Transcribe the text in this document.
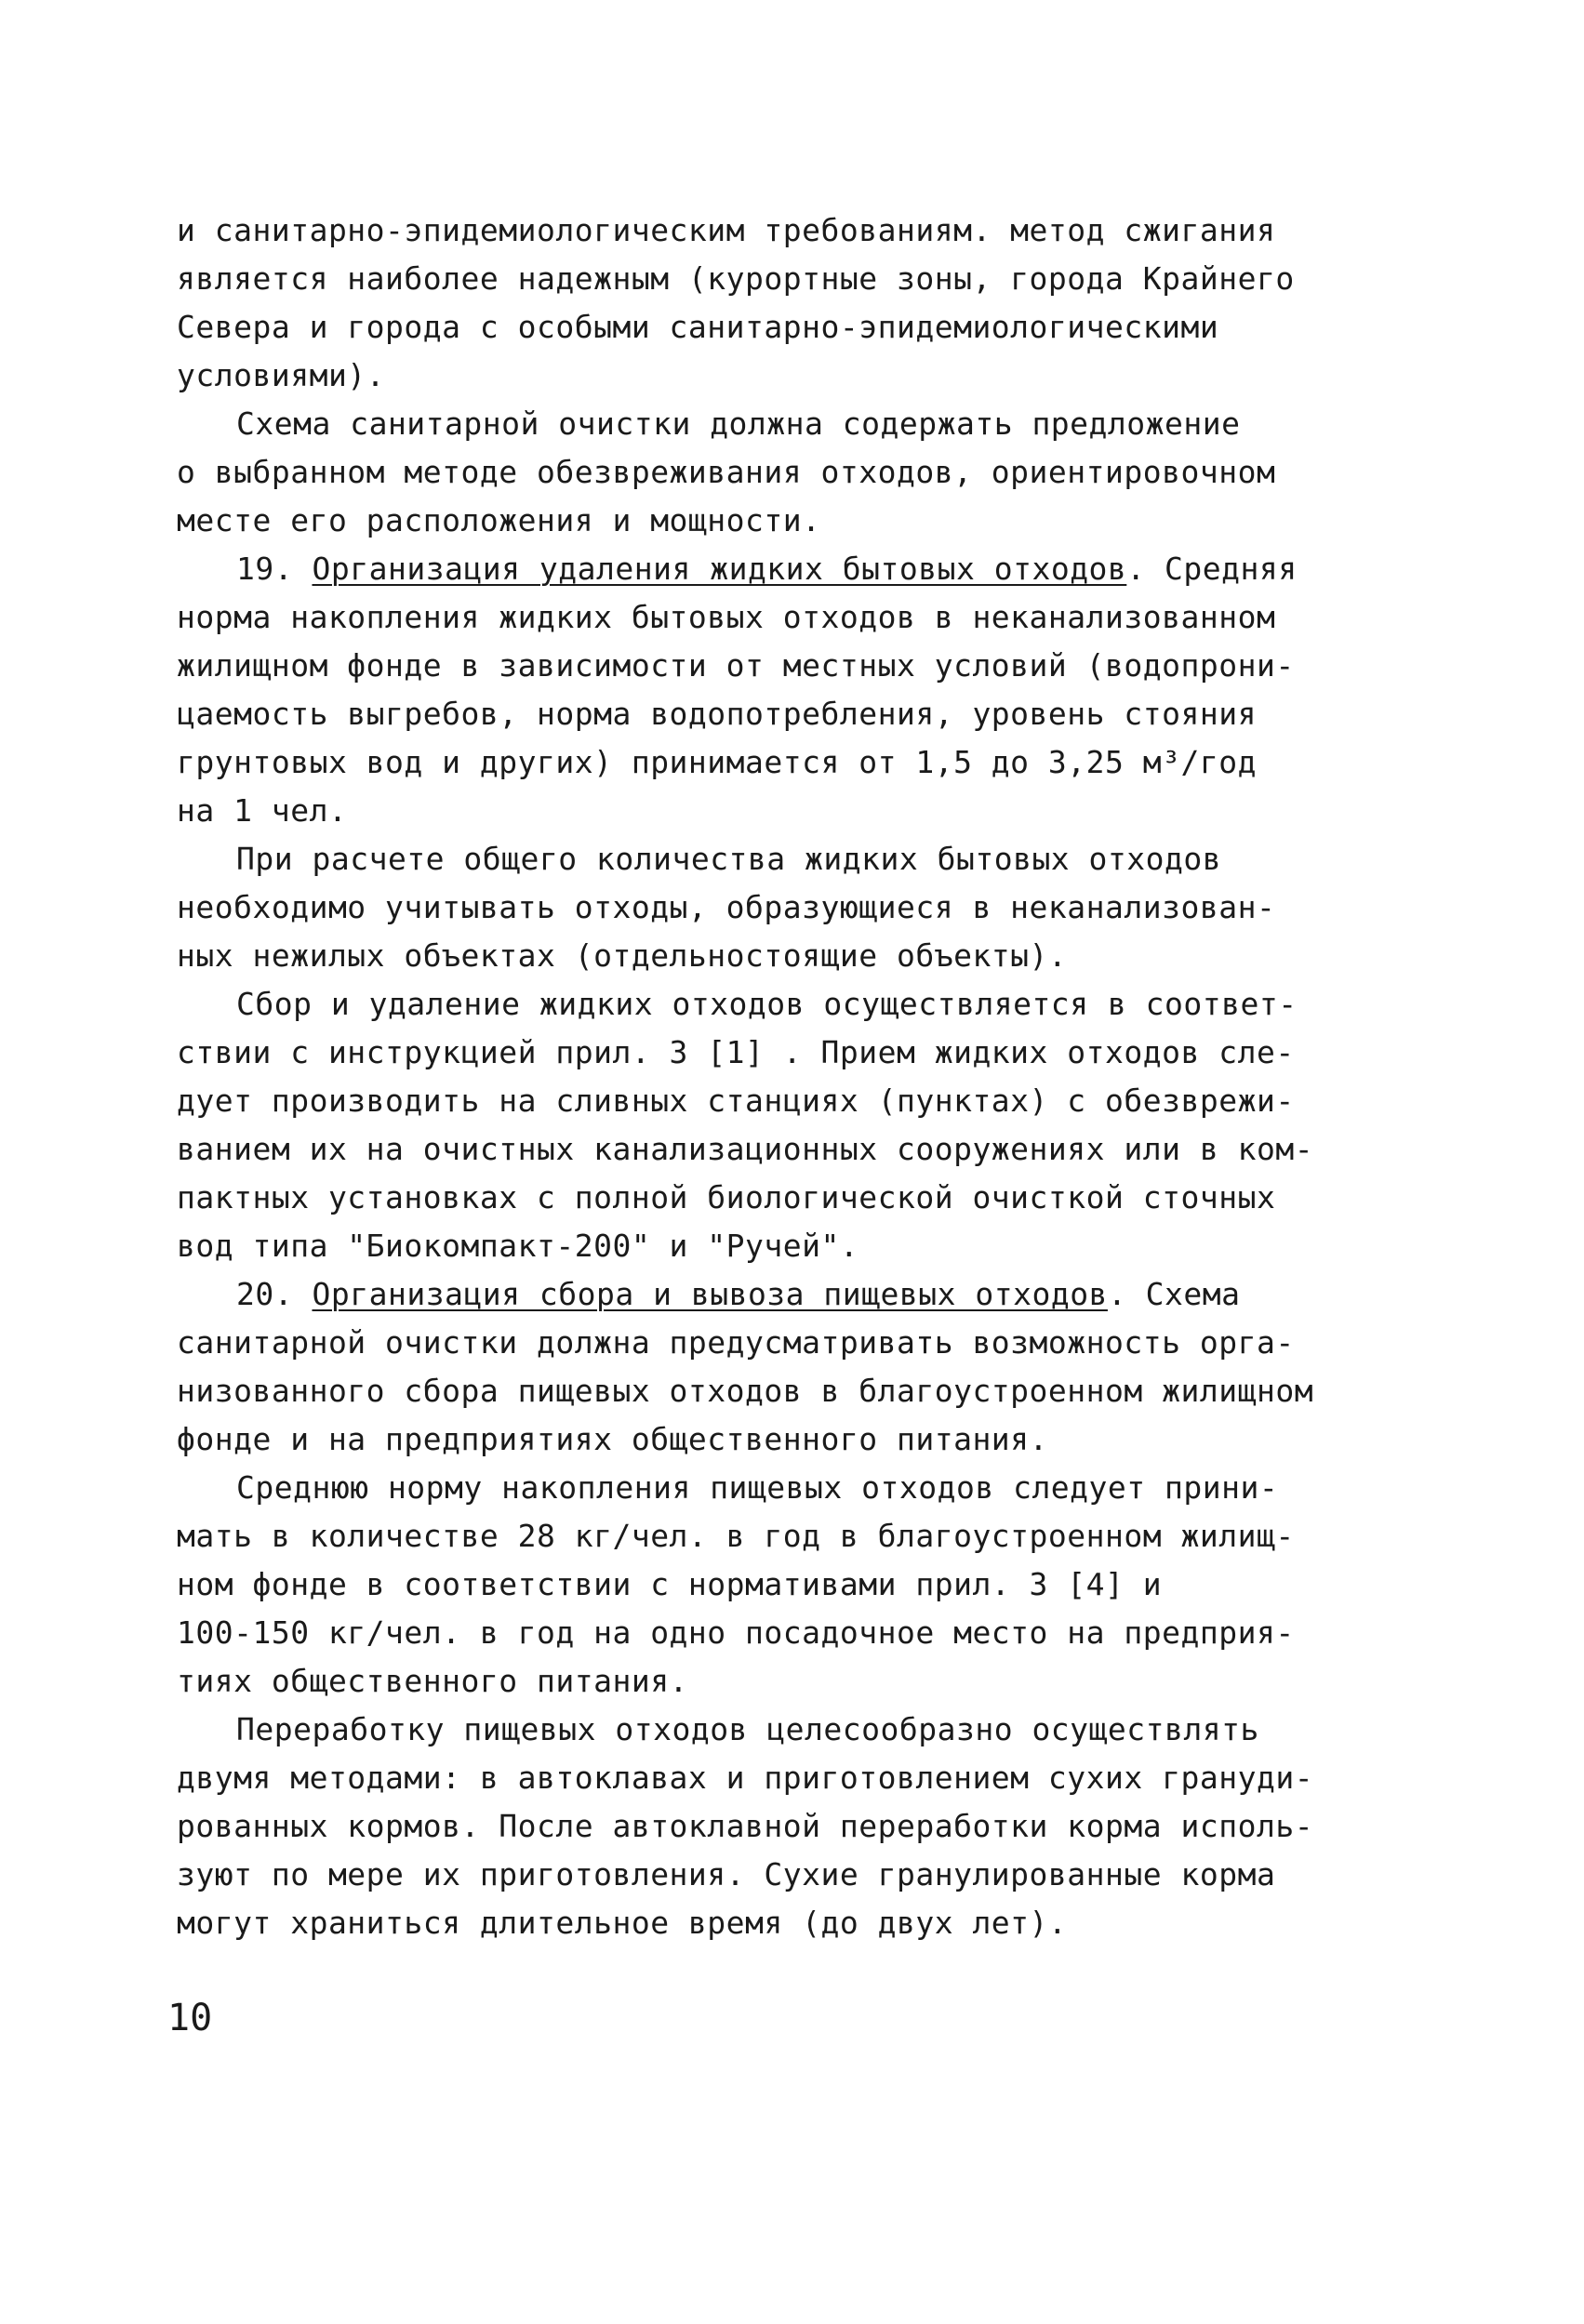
и санитарно-эпидемиологическим требованиям. метод сжигания
является наиболее надежным (курортные зоны, города Крайнего
Севера и города с особыми санитарно-эпидемиологическими
условиями).
Схема санитарной очистки должна содержать предложение
о выбранном методе обезвреживания отходов, ориентировочном
месте его расположения и мощности.
19. Организация удаления жидких бытовых отходов. Средняя
норма накопления жидких бытовых отходов в неканализованном
жилищном фонде в зависимости от местных условий (водопрони-
цаемость выгребов, норма водопотребления, уровень стояния
грунтовых вод и других) принимается от 1,5 до 3,25 м³/год
на 1 чел.
При расчете общего количества жидких бытовых отходов
необходимо учитывать отходы, образующиеся в неканализован-
ных нежилых объектах (отдельностоящие объекты).
Сбор и удаление жидких отходов осуществляется в соответ-
ствии с инструкцией прил. 3 [1] . Прием жидких отходов сле-
дует производить на сливных станциях (пунктах) с обезврежи-
ванием их на очистных канализационных сооружениях или в ком-
пактных установках с полной биологической очисткой сточных
вод типа "Биокомпакт-200" и "Ручей".
20. Организация сбора и вывоза пищевых отходов. Схема
санитарной очистки должна предусматривать возможность орга-
низованного сбора пищевых отходов в благоустроенном жилищном
фонде и на предприятиях общественного питания.
Среднюю норму накопления пищевых отходов следует прини-
мать в количестве 28 кг/чел. в год в благоустроенном жилищ-
ном фонде в соответствии с нормативами прил. 3 [4] и
100-150 кг/чел. в год на одно посадочное место на предприя-
тиях общественного питания.
Переработку пищевых отходов целесообразно осуществлять
двумя методами: в автоклавах и приготовлением сухих грануди-
рованных кормов. После автоклавной переработки корма исполь-
зуют по мере их приготовления. Сухие гранулированные корма
могут храниться длительное время (до двух лет).
10
